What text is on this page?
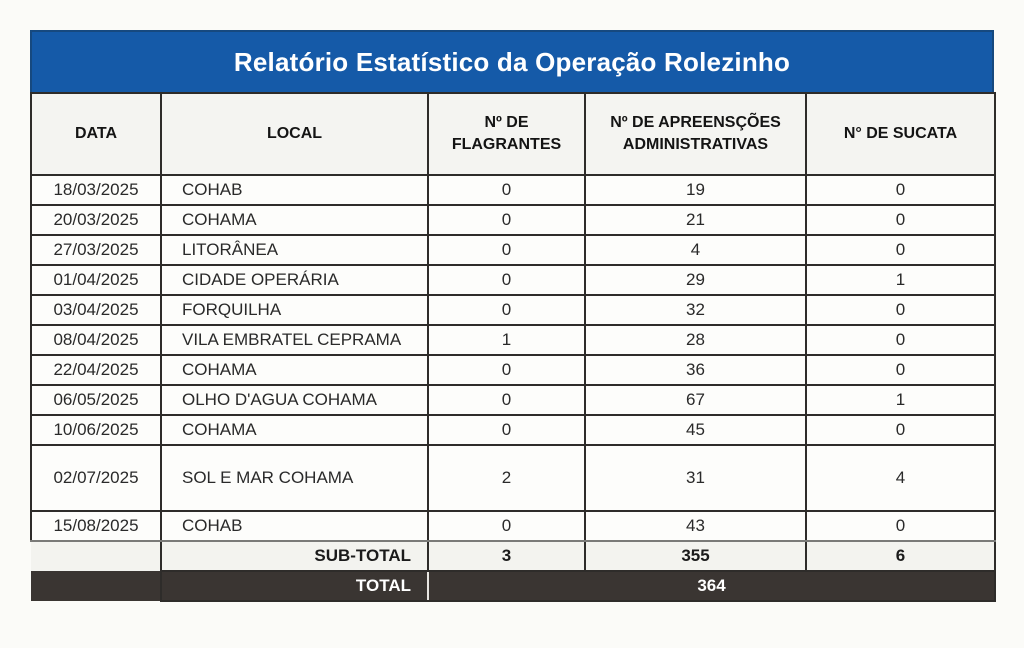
Relatório Estatístico da Operação Rolezinho
DATA	LOCAL	Nº DE FLAGRANTES	Nº DE APREENSÇÕES ADMINISTRATIVAS	N° DE SUCATA
18/03/2025	COHAB	0	19	0
20/03/2025	COHAMA	0	21	0
27/03/2025	LITORÂNEA	0	4	0
01/04/2025	CIDADE OPERÁRIA	0	29	1
03/04/2025	FORQUILHA	0	32	0
08/04/2025	VILA EMBRATEL CEPRAMA	1	28	0
22/04/2025	COHAMA	0	36	0
06/05/2025	OLHO D'AGUA COHAMA	0	67	1
10/06/2025	COHAMA	0	45	0
02/07/2025	SOL E MAR COHAMA	2	31	4
15/08/2025	COHAB	0	43	0
	SUB-TOTAL	3	355	6
	TOTAL	364		
